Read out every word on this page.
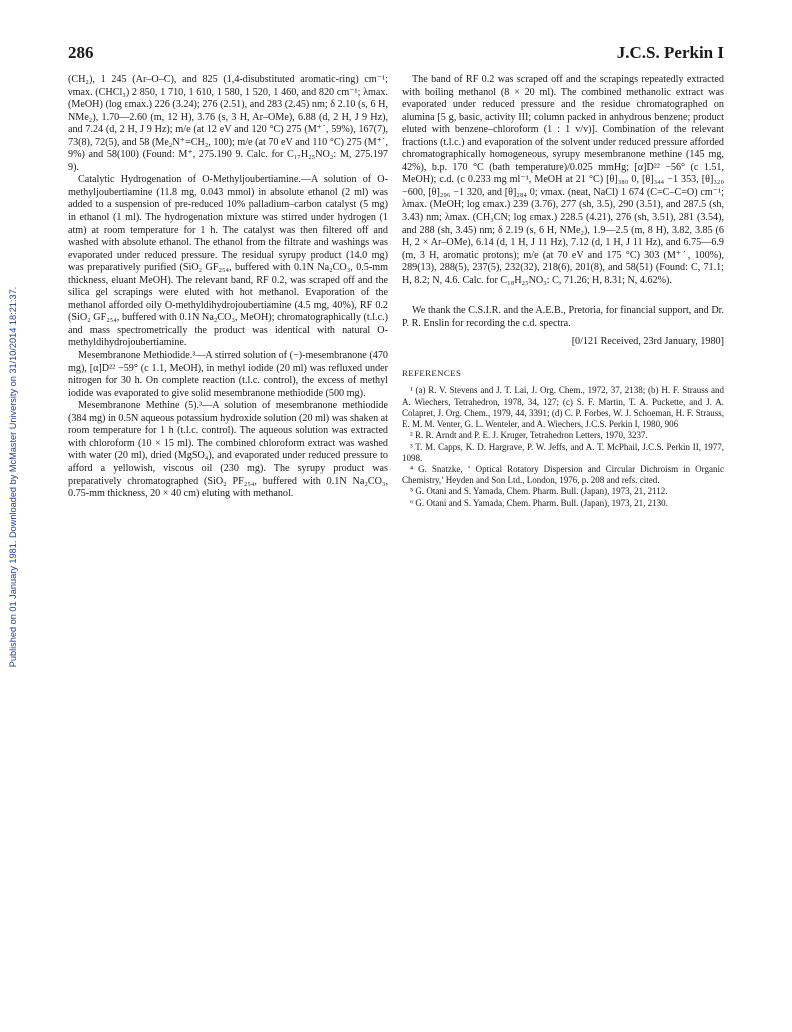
Published on 01 January 1981. Downloaded by McMaster University on 31/10/2014 18:21:37.
286	J.C.S. Perkin I

(CH₂), 1 245 (Ar–O–C), and 825 (1,4-disubstituted aromatic-ring) cm⁻¹; νmax. (CHCl₃) 2 850, 1 710, 1 610, 1 580, 1 520, 1 460, and 820 cm⁻¹; λmax. (MeOH) (log εmax.) 226 (3.24); 276 (2.51), and 283 (2.45) nm; δ 2.10 (s, 6 H, NMe₂), 1.70—2.60 (m, 12 H), 3.76 (s, 3 H, Ar–OMe), 6.88 (d, 2 H, J 9 Hz), and 7.24 (d, 2 H, J 9 Hz); m/e (at 12 eV and 120 °C) 275 (M⁺˙, 59%), 167(7), 73(8), 72(5), and 58 (Me₂N⁺=CH₂, 100); m/e (at 70 eV and 110 °C) 275 (M⁺˙, 9%) and 58(100) (Found: M⁺, 275.190 9. Calc. for C₁₇H₂₅NO₂: M, 275.197 9).

Catalytic Hydrogenation of O-Methyljoubertiamine.—A solution of O-methyljoubertiamine (11.8 mg, 0.043 mmol) in absolute ethanol (2 ml) was added to a suspension of pre-reduced 10% palladium–carbon catalyst (5 mg) in ethanol (1 ml). The hydrogenation mixture was stirred under hydrogen (1 atm) at room temperature for 1 h. The catalyst was then filtered off and washed with absolute ethanol. The ethanol from the filtrate and washings was evaporated under reduced pressure. The residual syrupy product (14.0 mg) was preparatively purified (SiO₂ GF₂₅₄, buffered with 0.1N Na₂CO₃, 0.5-mm thickness, eluant MeOH). The relevant band, RF 0.2, was scraped off and the silica gel scrapings were eluted with hot methanol. Evaporation of the methanol afforded oily O-methyldihydrojoubertiamine (4.5 mg, 40%), RF 0.2 (SiO₂ GF₂₅₄, buffered with 0.1N Na₂CO₃, MeOH); chromatographically (t.l.c.) and mass spectrometrically the product was identical with natural O-methyldihydrojoubertiamine.

Mesembranone Methiodide.³—A stirred solution of (−)-mesembranone (470 mg), [α]D²² −59° (c 1.1, MeOH), in methyl iodide (20 ml) was refluxed under nitrogen for 30 h. On complete reaction (t.l.c. control), the excess of methyl iodide was evaporated to give solid mesembranone methiodide (500 mg).

Mesembranone Methine (5).³—A solution of mesembranone methiodide (384 mg) in 0.5N aqueous potassium hydroxide solution (20 ml) was shaken at room temperature for 1 h (t.l.c. control). The aqueous solution was extracted with chloroform (10 × 15 ml). The combined chloroform extract was washed with water (20 ml), dried (MgSO₄), and evaporated under reduced pressure to afford a yellowish, viscous oil (230 mg). The syrupy product was preparatively chromatographed (SiO₂ PF₂₅₄, buffered with 0.1N Na₂CO₃, 0.75-mm thickness, 20 × 40 cm) eluting with methanol.

The band of RF 0.2 was scraped off and the scrapings repeatedly extracted with boiling methanol (8 × 20 ml). The combined methanolic extract was evaporated under reduced pressure and the residue chromatographed on alumina [5 g, basic, activity III; column packed in anhydrous benzene; product eluted with benzene–chloroform (1 : 1 v/v)]. Combination of the relevant fractions (t.l.c.) and evaporation of the solvent under reduced pressure afforded chromatographically homogeneous, syrupy mesembranone methine (145 mg, 42%), b.p. 170 °C (bath temperature)/0.025 mmHg; [α]D²² −56° (c 1.51, MeOH); c.d. (c 0.233 mg ml⁻¹, MeOH at 21 °C) [θ]₃₈₀ 0, [θ]₃₄₄ −1 353, [θ]₃₂₀ −600, [θ]₂₉₆ −1 320, and [θ]₂₈₄ 0; νmax. (neat, NaCl) 1 674 (C=C–C=O) cm⁻¹; λmax. (MeOH; log εmax.) 239 (3.76), 277 (sh, 3.5), 290 (3.51), and 287.5 (sh, 3.43) nm; λmax. (CH₃CN; log εmax.) 228.5 (4.21), 276 (sh, 3.51), 281 (3.54), and 288 (sh, 3.45) nm; δ 2.19 (s, 6 H, NMe₂), 1.9—2.5 (m, 8 H), 3.82, 3.85 (6 H, 2 × Ar–OMe), 6.14 (d, 1 H, J 11 Hz), 7.12 (d, 1 H, J 11 Hz), and 6.75—6.9 (m, 3 H, aromatic protons); m/e (at 70 eV and 175 °C) 303 (M⁺˙, 100%), 289(13), 288(5), 237(5), 232(32), 218(6), 201(8), and 58(51) (Found: C, 71.1; H, 8.2; N, 4.6. Calc. for C₁₈H₂₅NO₃: C, 71.26; H, 8.31; N, 4.62%).

We thank the C.S.I.R. and the A.E.B., Pretoria, for financial support, and Dr. P. R. Enslin for recording the c.d. spectra.

[0/121 Received, 23rd January, 1980]

REFERENCES

¹ (a) R. V. Stevens and J. T. Lai, J. Org. Chem., 1972, 37, 2138; (b) H. F. Strauss and A. Wiechers, Tetrahedron, 1978, 34, 127; (c) S. F. Martin, T. A. Puckette, and J. A. Colapret, J. Org. Chem., 1979, 44, 3391; (d) C. P. Forbes, W. J. Schoeman, H. F. Strauss, E. M. M. Venter, G. L. Wenteler, and A. Wiechers, J.C.S. Perkin I, 1980, 906

² R. R. Arndt and P. E. J. Kruger, Tetrahedron Letters, 1970, 3237.

³ T. M. Capps, K. D. Hargrave, P. W. Jeffs, and A. T. McPhail, J.C.S. Perkin II, 1977, 1098.

⁴ G. Snatzke, ‘ Optical Rotatory Dispersion and Circular Dichroism in Organic Chemistry,’ Heyden and Son Ltd., London, 1976, p. 208 and refs. cited.

⁵ G. Otani and S. Yamada, Chem. Pharm. Bull. (Japan), 1973, 21, 2112.

⁶ G. Otani and S. Yamada, Chem. Pharm. Bull. (Japan), 1973, 21, 2130.
